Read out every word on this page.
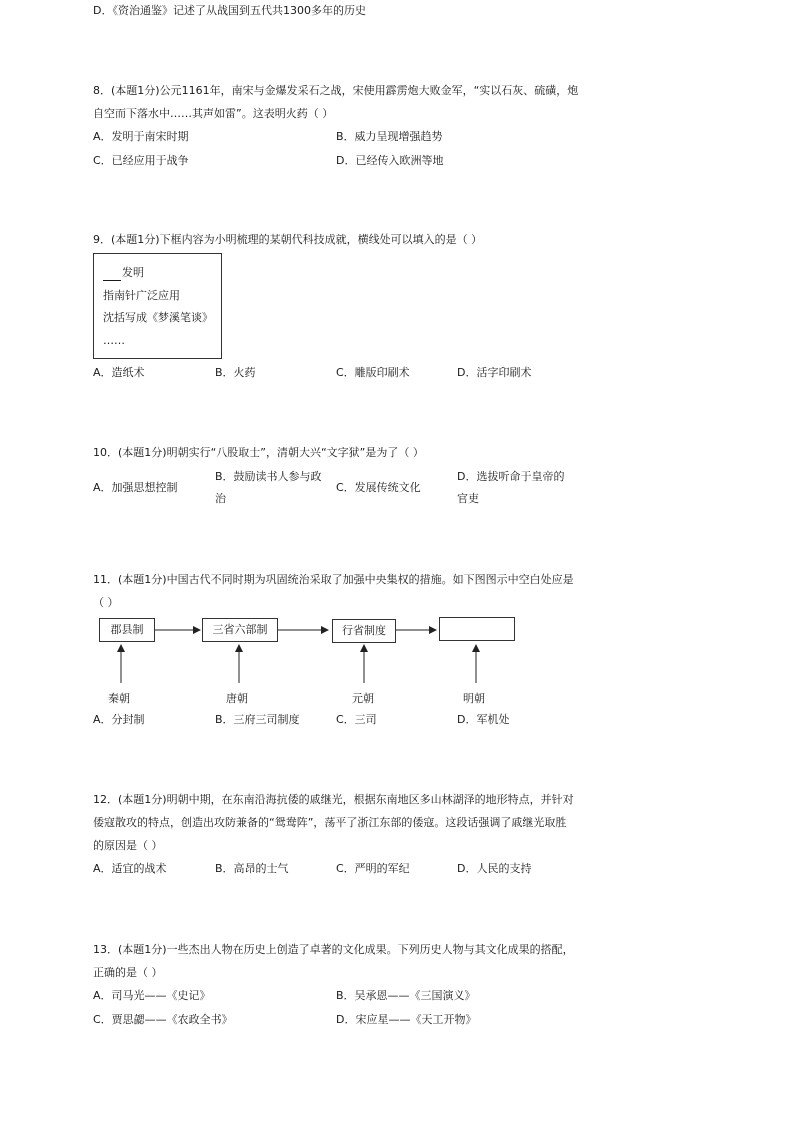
D．《资治通鉴》记述了从战国到五代共1300多年的历史
8．(本题1分)公元1161年，南宋与金爆发采石之战，宋使用霹雳炮大败金军，“实以石灰、硫磺，炮
自空而下落水中……其声如雷”。这表明火药（ ）
A．发明于南宋时期	B．威力呈现增强趋势
C．已经应用于战争	D．已经传入欧洲等地
9．(本题1分)下框内容为小明梳理的某朝代科技成就，横线处可以填入的是（ ）
发明
指南针广泛应用
沈括写成《梦溪笔谈》
……
A．造纸术	B．火药	C．雕版印刷术	D．活字印刷术
10．(本题1分)明朝实行“八股取士”，清朝大兴“文字狱”是为了（ ）
A．加强思想控制
B．鼓励读书人参与政
治
C．发展传统文化
D．选拔听命于皇帝的
官吏
11．(本题1分)中国古代不同时期为巩固统治采取了加强中央集权的措施。如下图图示中空白处应是
（ ）
郡县制	三省六部制	行省制度
秦朝	唐朝	元朝	明朝
A．分封制	B．三府三司制度	C．三司	D．军机处
12．(本题1分)明朝中期，在东南沿海抗倭的戚继光，根据东南地区多山林湖泽的地形特点，并针对
倭寇散攻的特点，创造出攻防兼备的“鸳鸯阵”，荡平了浙江东部的倭寇。这段话强调了戚继光取胜
的原因是（ ）
A．适宜的战术	B．高昂的士气	C．严明的军纪	D．人民的支持
13．(本题1分)一些杰出人物在历史上创造了卓著的文化成果。下列历史人物与其文化成果的搭配，
正确的是（ ）
A．司马光——《史记》	B．吴承恩——《三国演义》
C．贾思勰——《农政全书》	D．宋应星——《天工开物》
